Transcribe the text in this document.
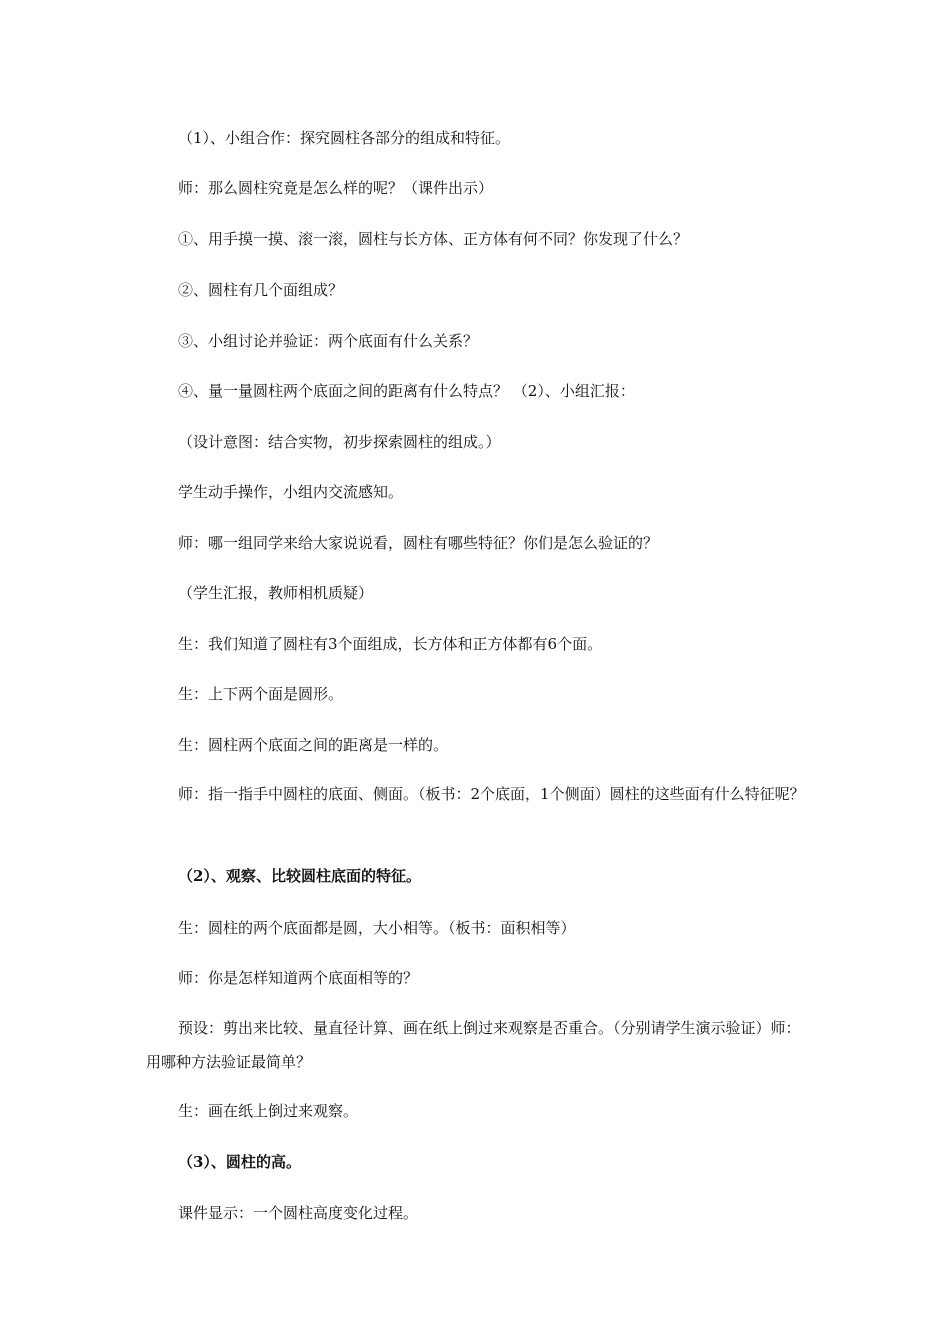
（1）、小组合作：探究圆柱各部分的组成和特征。

师：那么圆柱究竟是怎么样的呢？（课件出示）

①、用手摸一摸、滚一滚，圆柱与长方体、正方体有何不同？你发现了什么？

②、圆柱有几个面组成？

③、小组讨论并验证：两个底面有什么关系？

④、量一量圆柱两个底面之间的距离有什么特点？ （2）、小组汇报：

（设计意图：结合实物，初步探索圆柱的组成。）

学生动手操作，小组内交流感知。

师：哪一组同学来给大家说说看，圆柱有哪些特征？你们是怎么验证的？

（学生汇报，教师相机质疑）

生：我们知道了圆柱有3个面组成，长方体和正方体都有6个面。

生：上下两个面是圆形。

生：圆柱两个底面之间的距离是一样的。

师：指一指手中圆柱的底面、侧面。（板书：2个底面，1个侧面）圆柱的这些面有什么特征呢？

（2）、观察、比较圆柱底面的特征。

生：圆柱的两个底面都是圆，大小相等。（板书：面积相等）

师：你是怎样知道两个底面相等的？

预设：剪出来比较、量直径计算、画在纸上倒过来观察是否重合。（分别请学生演示验证）师：用哪种方法验证最简单？

生：画在纸上倒过来观察。

（3）、圆柱的高。

课件显示：一个圆柱高度变化过程。
